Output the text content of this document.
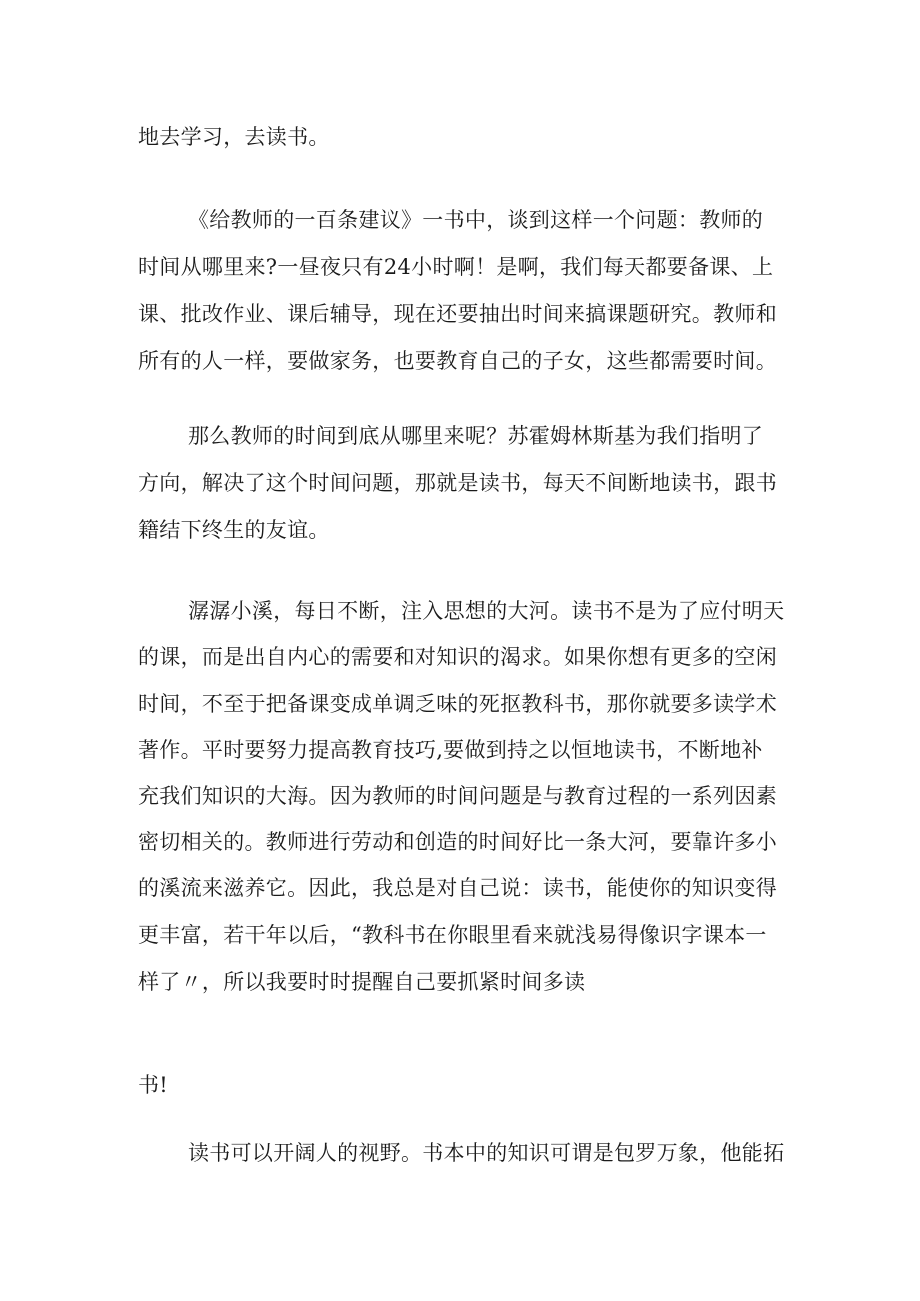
地去学习，去读书。
《给教师的一百条建议》一书中，谈到这样一个问题：教师的
时间从哪里来?一昼夜只有24小时啊！是啊，我们每天都要备课、上
课、批改作业、课后辅导，现在还要抽出时间来搞课题研究。教师和
所有的人一样，要做家务，也要教育自己的子女，这些都需要时间。
那么教师的时间到底从哪里来呢？苏霍姆林斯基为我们指明了
方向，解决了这个时间问题，那就是读书，每天不间断地读书，跟书
籍结下终生的友谊。
潺潺小溪，每日不断，注入思想的大河。读书不是为了应付明天
的课，而是出自内心的需要和对知识的渴求。如果你想有更多的空闲
时间，不至于把备课变成单调乏味的死抠教科书，那你就要多读学术
著作。平时要努力提高教育技巧,要做到持之以恒地读书，不断地补
充我们知识的大海。因为教师的时间问题是与教育过程的一系列因素
密切相关的。教师进行劳动和创造的时间好比一条大河，要靠许多小
的溪流来滋养它。因此，我总是对自己说：读书，能使你的知识变得
更丰富，若干年以后，“教科书在你眼里看来就浅易得像识字课本一
样了〃，所以我要时时提醒自己要抓紧时间多读
书!
读书可以开阔人的视野。书本中的知识可谓是包罗万象，他能拓
